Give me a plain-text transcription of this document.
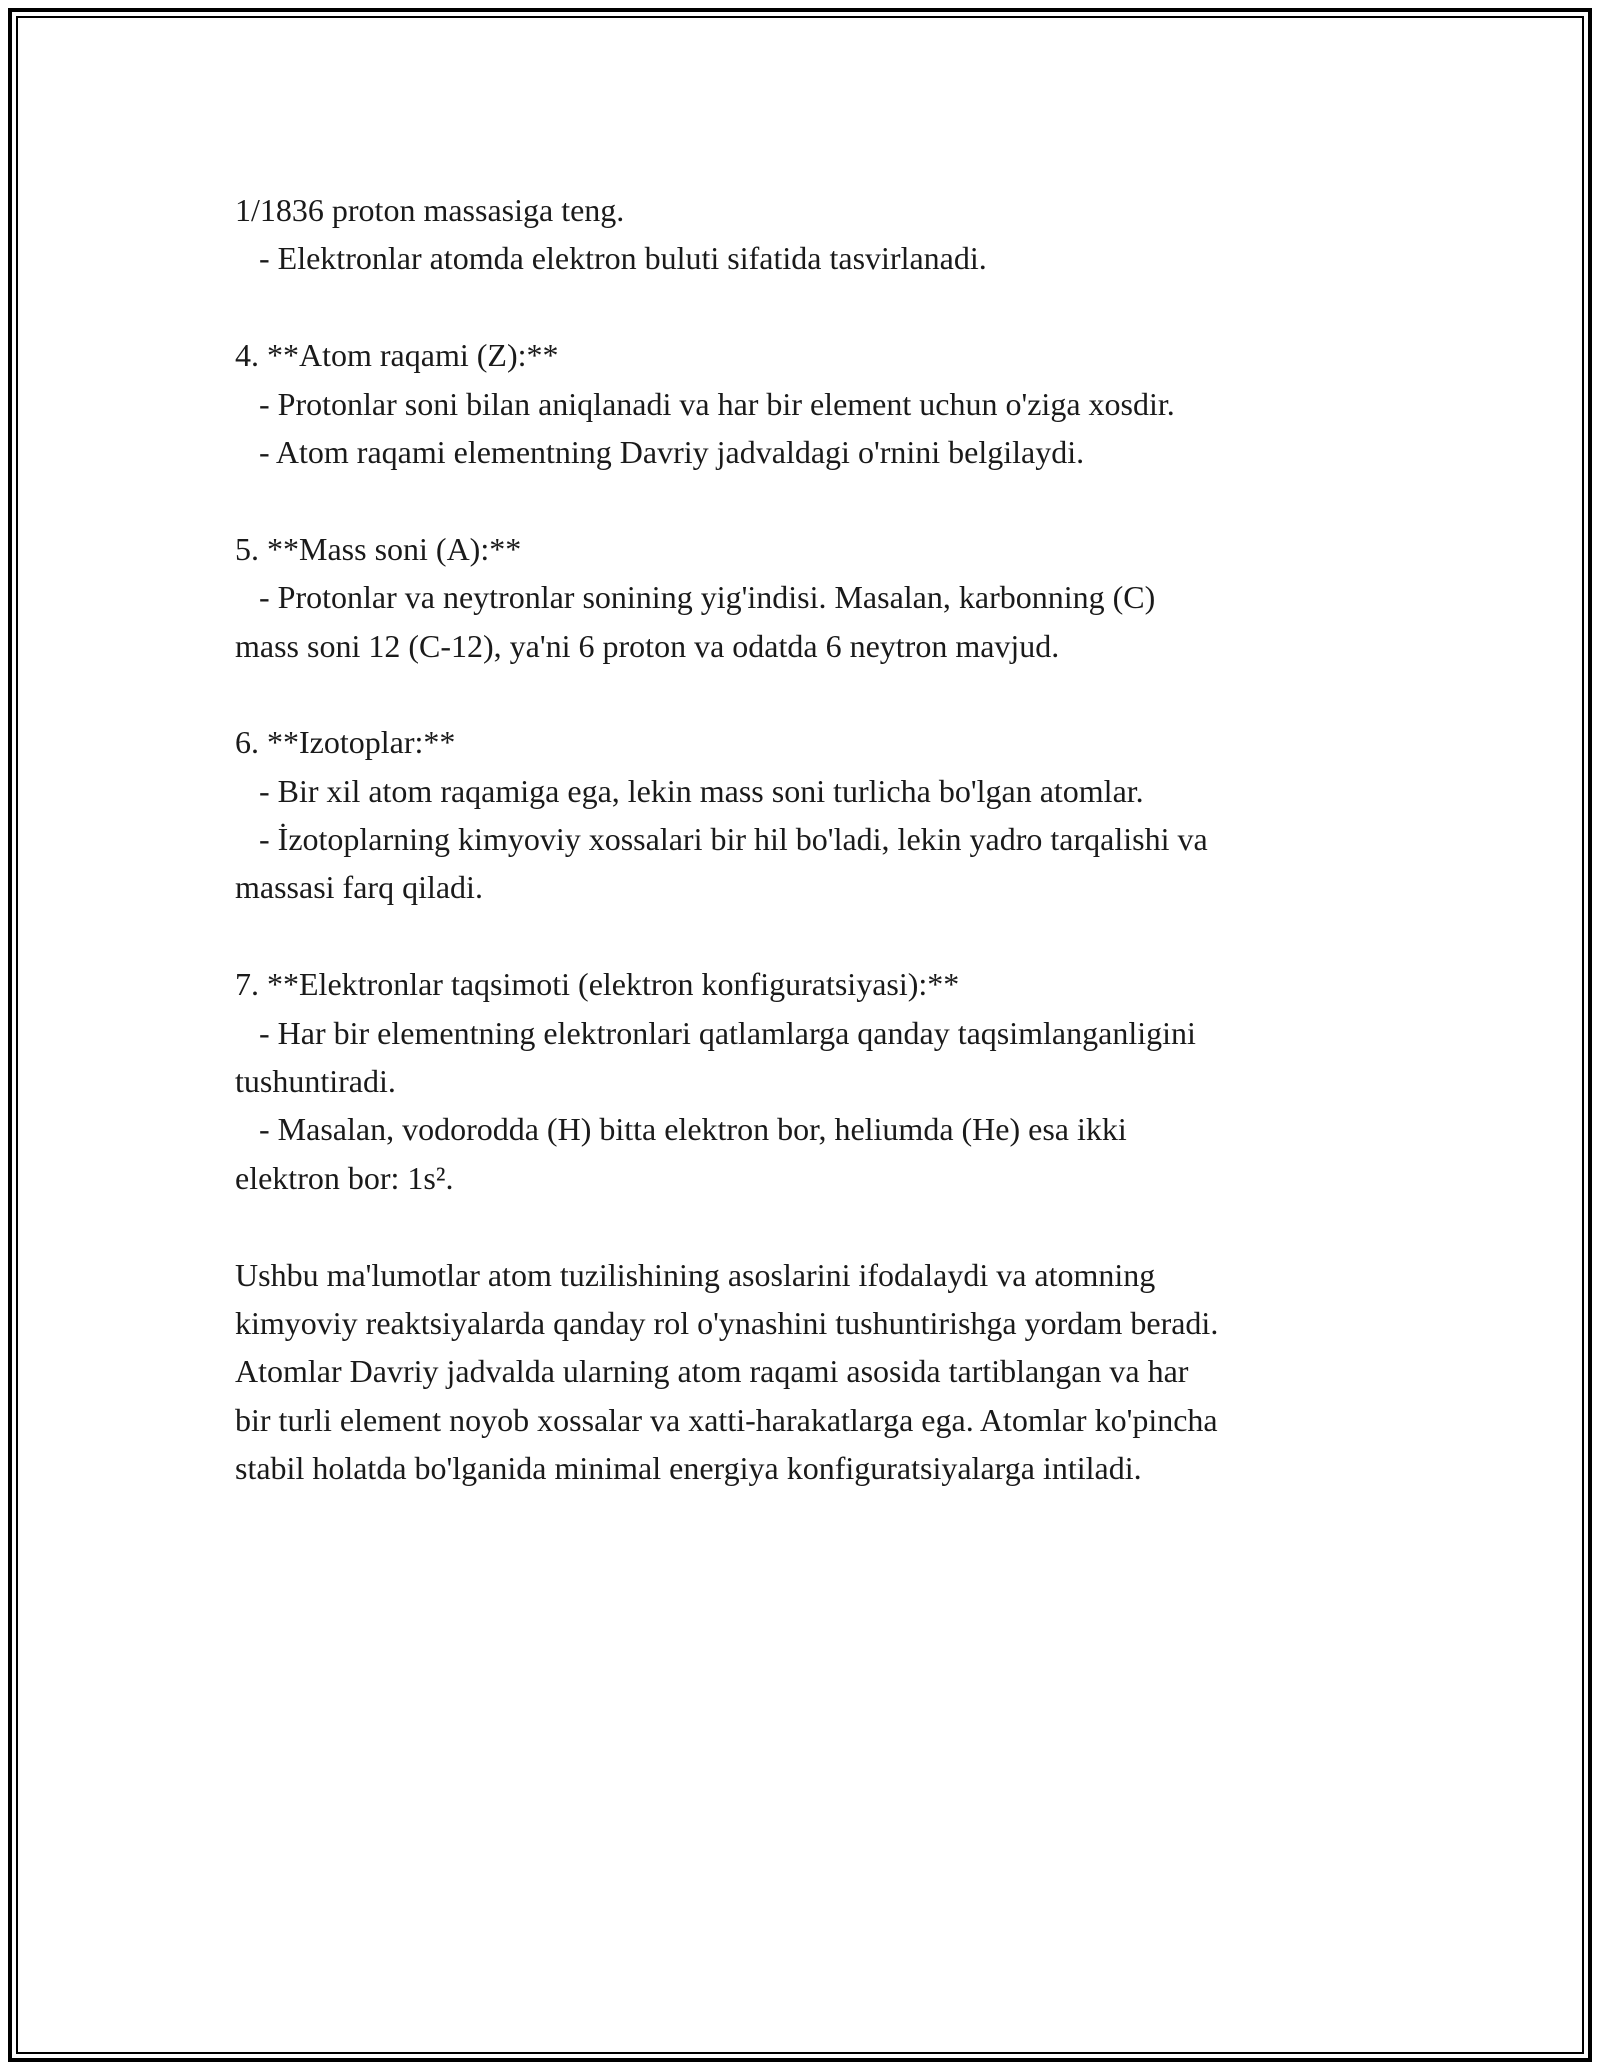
1/1836 proton massasiga teng.
- Elektronlar atomda elektron buluti sifatida tasvirlanadi.
4. **Atom raqami (Z):**
- Protonlar soni bilan aniqlanadi va har bir element uchun o'ziga xosdir.
- Atom raqami elementning Davriy jadvaldagi o'rnini belgilaydi.
5. **Mass soni (A):**
- Protonlar va neytronlar sonining yig'indisi. Masalan, karbonning (C)
mass soni 12 (C-12), ya'ni 6 proton va odatda 6 neytron mavjud.
6. **Izotoplar:**
- Bir xil atom raqamiga ega, lekin mass soni turlicha bo'lgan atomlar.
- İzotoplarning kimyoviy xossalari bir hil bo'ladi, lekin yadro tarqalishi va
massasi farq qiladi.
7. **Elektronlar taqsimoti (elektron konfiguratsiyasi):**
- Har bir elementning elektronlari qatlamlarga qanday taqsimlanganligini
tushuntiradi.
- Masalan, vodorodda (H) bitta elektron bor, heliumda (He) esa ikki
elektron bor: 1s².
Ushbu ma'lumotlar atom tuzilishining asoslarini ifodalaydi va atomning
kimyoviy reaktsiyalarda qanday rol o'ynashini tushuntirishga yordam beradi.
Atomlar Davriy jadvalda ularning atom raqami asosida tartiblangan va har
bir turli element noyob xossalar va xatti-harakatlarga ega. Atomlar ko'pincha
stabil holatda bo'lganida minimal energiya konfiguratsiyalarga intiladi.
